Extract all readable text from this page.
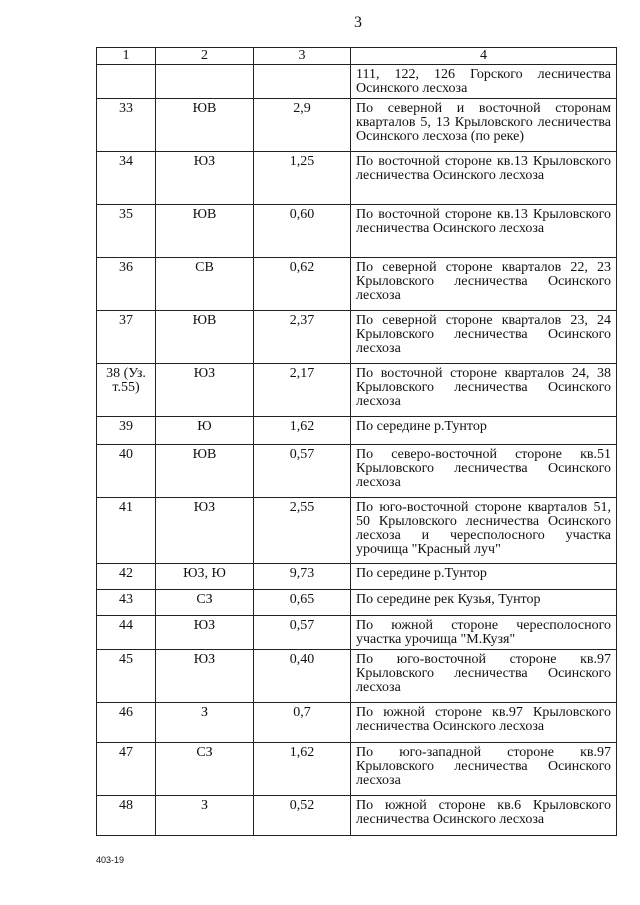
3
1	2	3	4
			111, 122, 126 Горского лесничества Осинского лесхоза
33	ЮВ	2,9	По северной и восточной сторонам кварталов 5, 13 Крыловского лесничества Осинского лесхоза (по реке)
34	ЮЗ	1,25	По восточной стороне кв.13 Крыловского лесничества Осинского лесхоза
35	ЮВ	0,60	По восточной стороне кв.13 Крыловского лесничества Осинского лесхоза
36	СВ	0,62	По северной стороне кварталов 22, 23 Крыловского лесничества Осинского лесхоза
37	ЮВ	2,37	По северной стороне кварталов 23, 24 Крыловского лесничества Осинского лесхоза
38 (Уз. т.55)	ЮЗ	2,17	По восточной стороне кварталов 24, 38 Крыловского лесничества Осинского лесхоза
39	Ю	1,62	По середине р.Тунтор
40	ЮВ	0,57	По северо-восточной стороне кв.51 Крыловского лесничества Осинского лесхоза
41	ЮЗ	2,55	По юго-восточной стороне кварталов 51, 50 Крыловского лесничества Осинского лесхоза и чересполосного участка урочища "Красный луч"
42	ЮЗ, Ю	9,73	По середине р.Тунтор
43	СЗ	0,65	По середине рек Кузья, Тунтор
44	ЮЗ	0,57	По южной стороне чересполосного участка урочища "М.Кузя"
45	ЮЗ	0,40	По юго-восточной стороне кв.97 Крыловского лесничества Осинского лесхоза
46	З	0,7	По южной стороне кв.97 Крыловского лесничества Осинского лесхоза
47	СЗ	1,62	По юго-западной стороне кв.97 Крыловского лесничества Осинского лесхоза
48	З	0,52	По южной стороне кв.6 Крыловского лесничества Осинского лесхоза
403-19
